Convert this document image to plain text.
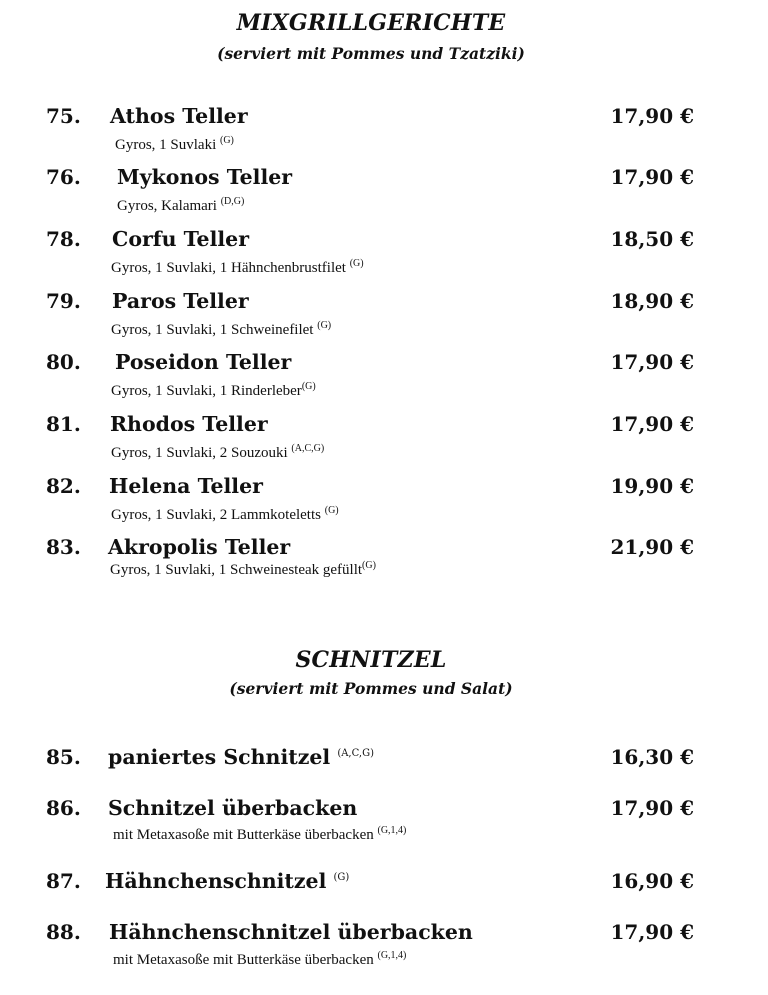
MIXGRILLGERICHTE
(serviert mit Pommes und Tzatziki)
75. Athos Teller	17,90 €
Gyros, 1 Suvlaki $^{(G)}$
76. Mykonos Teller	17,90 €
Gyros, Kalamari $^{(D,G)}$
78. Corfu Teller	18,50 €
Gyros, 1 Suvlaki, 1 Hähnchenbrustfilet $^{(G)}$
79. Paros Teller	18,90 €
Gyros, 1 Suvlaki, 1 Schweinefilet $^{(G)}$
80. Poseidon Teller	17,90 €
Gyros, 1 Suvlaki, 1 Rinderleber$^{(G)}$
81. Rhodos Teller	17,90 €
Gyros, 1 Suvlaki, 2 Souzouki $^{(A,C,G)}$
82. Helena Teller	19,90 €
Gyros, 1 Suvlaki, 2 Lammkoteletts $^{(G)}$
83. Akropolis Teller	21,90 €
Gyros, 1 Suvlaki, 1 Schweinesteak gefüllt$^{(G)}$
SCHNITZEL
(serviert mit Pommes und Salat)
85. paniertes Schnitzel $^{(A,C,G)}$	16,30 €
86. Schnitzel überbacken	17,90 €
mit Metaxasoße mit Butterkäse überbacken $^{(G,1,4)}$
87. Hähnchenschnitzel $^{(G)}$	16,90 €
88. Hähnchenschnitzel überbacken	17,90 €
mit Metaxasoße mit Butterkäse überbacken $^{(G,1,4)}$
